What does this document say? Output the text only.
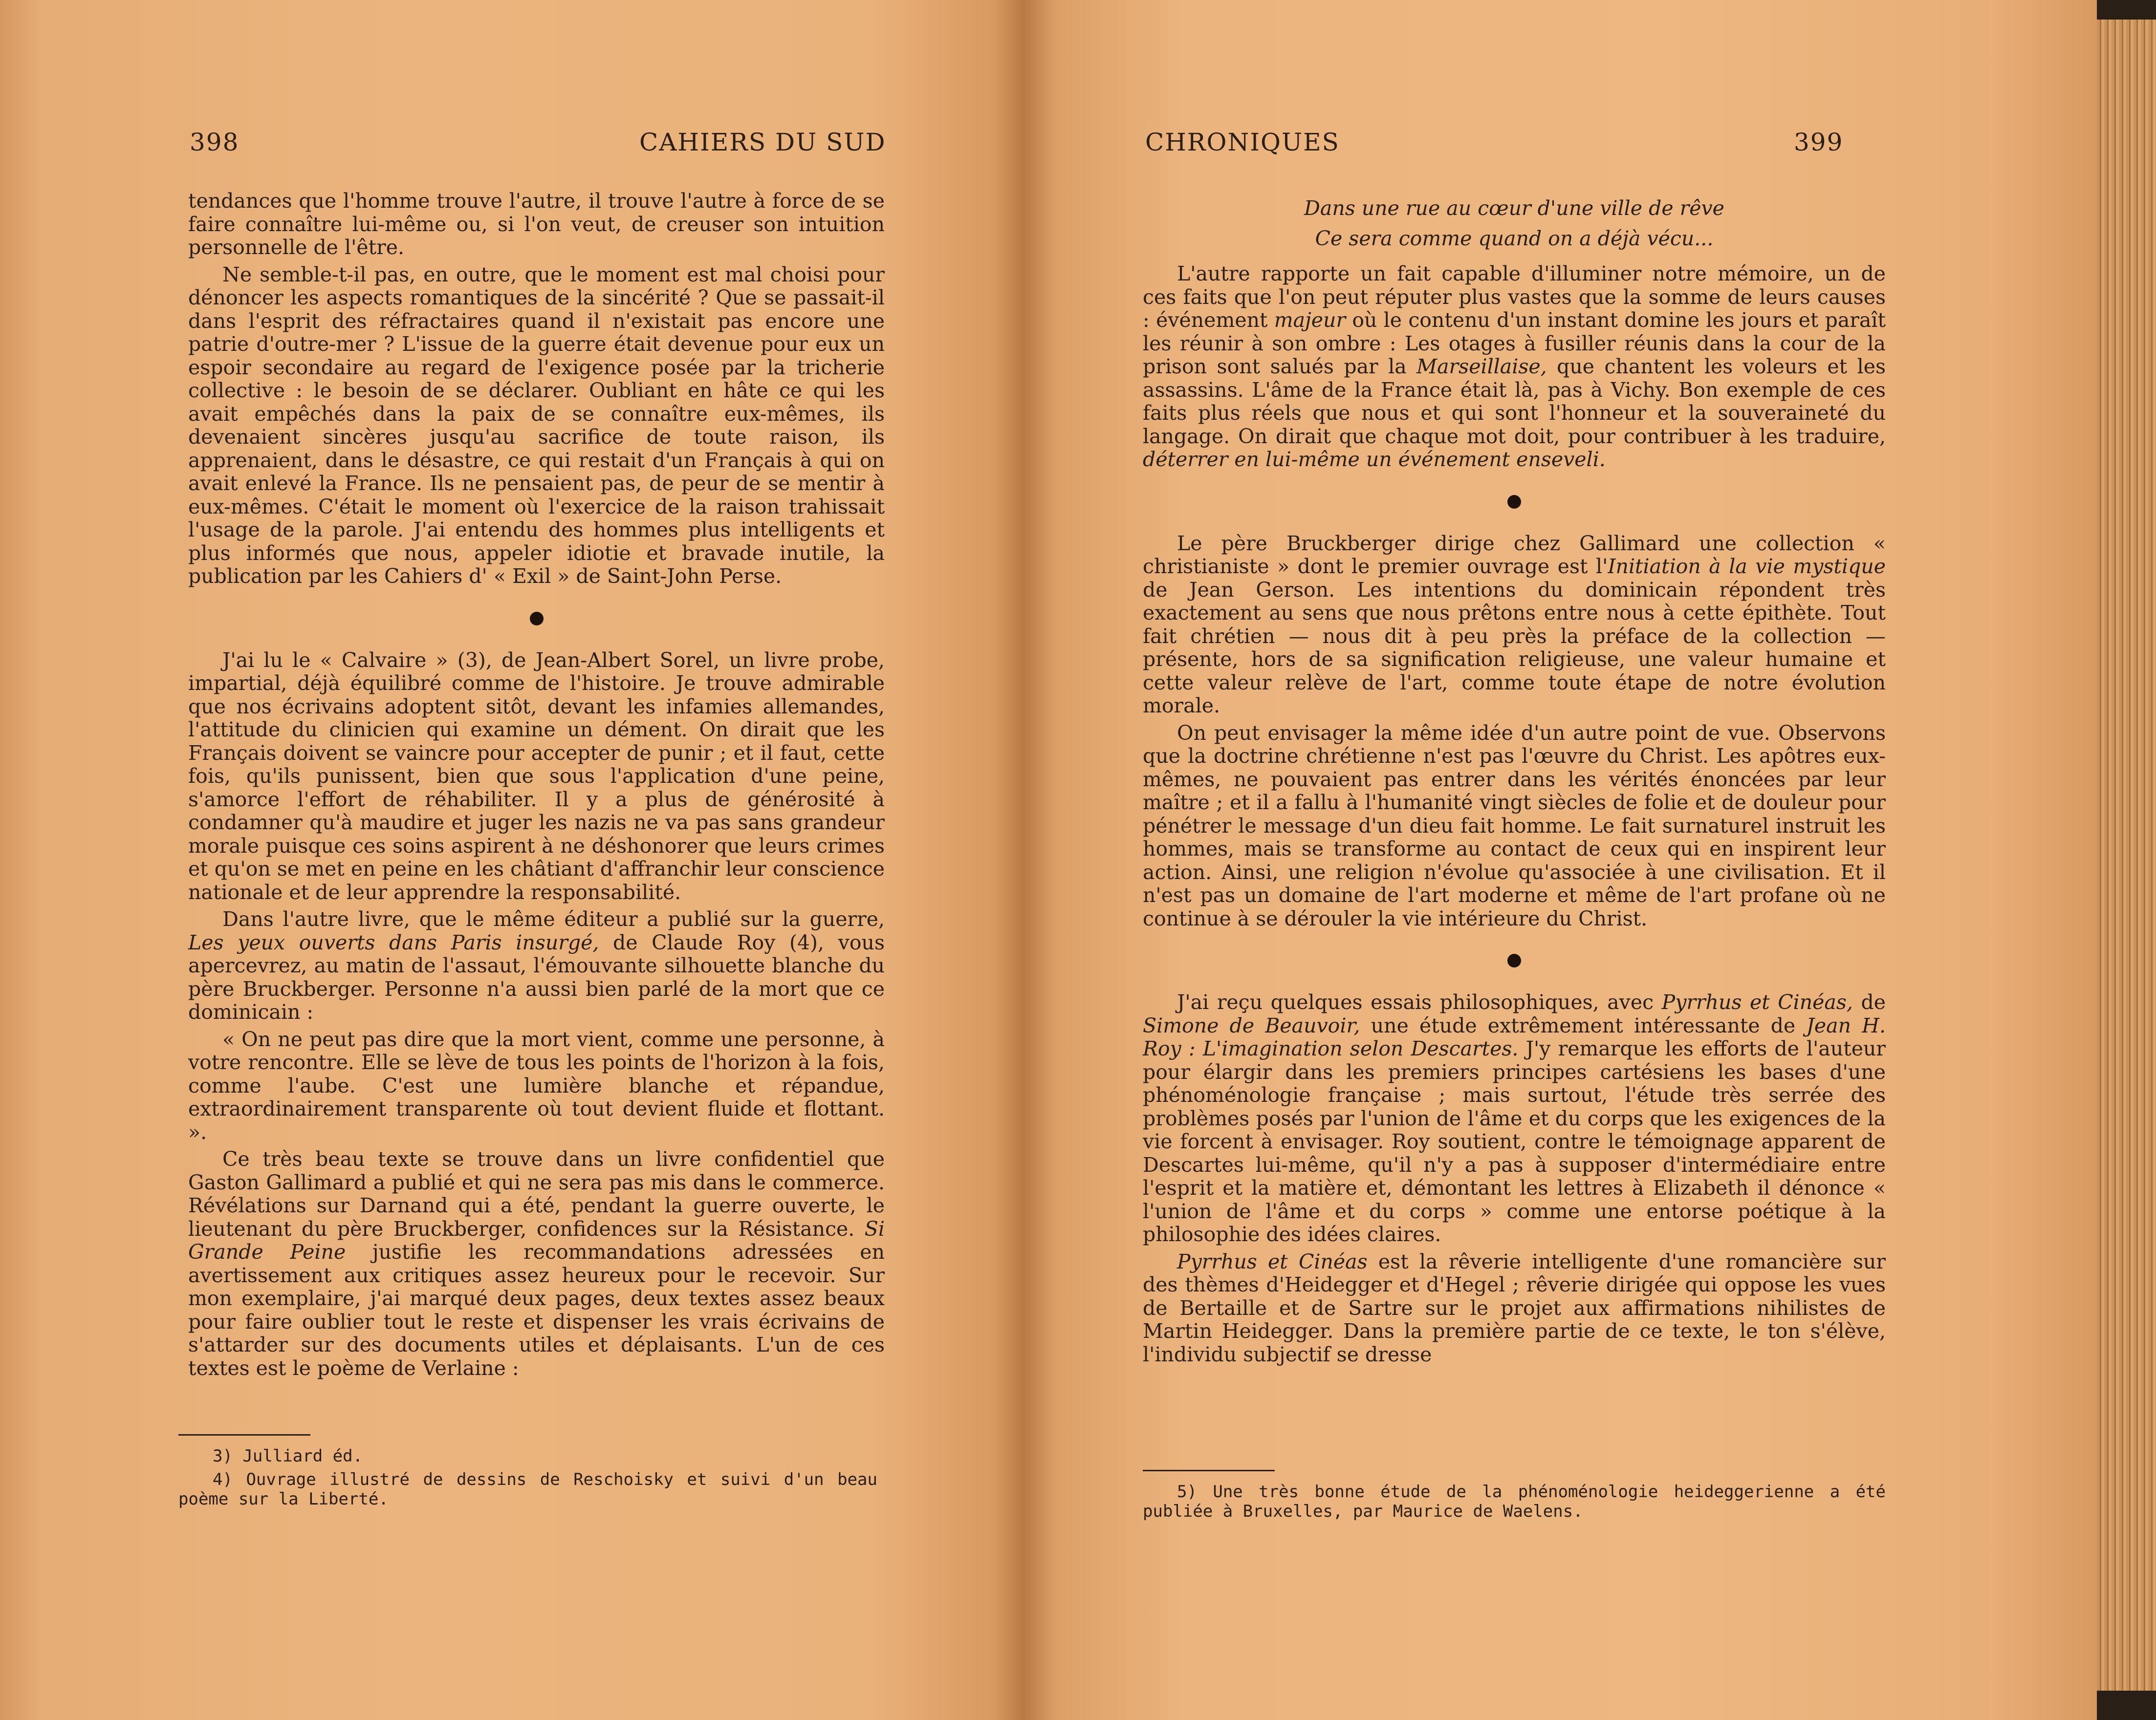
398	CAHIERS DU SUD

tendances que l'homme trouve l'autre, il trouve l'autre à force de se faire connaître lui-même ou, si l'on veut, de creuser son intuition personnelle de l'être.

Ne semble-t-il pas, en outre, que le moment est mal choisi pour dénoncer les aspects romantiques de la sincérité ? Que se passait-il dans l'esprit des réfractaires quand il n'existait pas encore une patrie d'outre-mer ? L'issue de la guerre était devenue pour eux un espoir secondaire au regard de l'exigence posée par la tricherie collective : le besoin de se déclarer. Oubliant en hâte ce qui les avait empêchés dans la paix de se connaître eux-mêmes, ils devenaient sincères jusqu'au sacrifice de toute raison, ils apprenaient, dans le désastre, ce qui restait d'un Français à qui on avait enlevé la France. Ils ne pensaient pas, de peur de se mentir à eux-mêmes. C'était le moment où l'exercice de la raison trahissait l'usage de la parole. J'ai entendu des hommes plus intelligents et plus informés que nous, appeler idiotie et bravade inutile, la publication par les Cahiers d' « Exil » de Saint-John Perse.

J'ai lu le « Calvaire » (3), de Jean-Albert Sorel, un livre probe, impartial, déjà équilibré comme de l'histoire. Je trouve admirable que nos écrivains adoptent sitôt, devant les infamies allemandes, l'attitude du clinicien qui examine un dément. On dirait que les Français doivent se vaincre pour accepter de punir ; et il faut, cette fois, qu'ils punissent, bien que sous l'application d'une peine, s'amorce l'effort de réhabiliter. Il y a plus de générosité à condamner qu'à maudire et juger les nazis ne va pas sans grandeur morale puisque ces soins aspirent à ne déshonorer que leurs crimes et qu'on se met en peine en les châtiant d'affranchir leur conscience nationale et de leur apprendre la responsabilité.

Dans l'autre livre, que le même éditeur a publié sur la guerre, Les yeux ouverts dans Paris insurgé, de Claude Roy (4), vous apercevrez, au matin de l'assaut, l'émouvante silhouette blanche du père Bruckberger. Personne n'a aussi bien parlé de la mort que ce dominicain :

« On ne peut pas dire que la mort vient, comme une personne, à votre rencontre. Elle se lève de tous les points de l'horizon à la fois, comme l'aube. C'est une lumière blanche et répandue, extraordinairement transparente où tout devient fluide et flottant. ».

Ce très beau texte se trouve dans un livre confidentiel que Gaston Gallimard a publié et qui ne sera pas mis dans le commerce. Révélations sur Darnand qui a été, pendant la guerre ouverte, le lieutenant du père Bruckberger, confidences sur la Résistance. Si Grande Peine justifie les recommandations adressées en avertissement aux critiques assez heureux pour le recevoir. Sur mon exemplaire, j'ai marqué deux pages, deux textes assez beaux pour faire oublier tout le reste et dispenser les vrais écrivains de s'attarder sur des documents utiles et déplaisants. L'un de ces textes est le poème de Verlaine :

3) Julliard éd.

4) Ouvrage illustré de dessins de Reschoisky et suivi d'un beau poème sur la Liberté.

CHRONIQUES	399
Dans une rue au cœur d'une ville de rêve
Ce sera comme quand on a déjà vécu...

L'autre rapporte un fait capable d'illuminer notre mémoire, un de ces faits que l'on peut réputer plus vastes que la somme de leurs causes : événement majeur où le contenu d'un instant domine les jours et paraît les réunir à son ombre : Les otages à fusiller réunis dans la cour de la prison sont salués par la Marseillaise, que chantent les voleurs et les assassins. L'âme de la France était là, pas à Vichy. Bon exemple de ces faits plus réels que nous et qui sont l'honneur et la souveraineté du langage. On dirait que chaque mot doit, pour contribuer à les traduire, déterrer en lui-même un événement enseveli.

Le père Bruckberger dirige chez Gallimard une collection « christianiste » dont le premier ouvrage est l'Initiation à la vie mystique de Jean Gerson. Les intentions du dominicain répondent très exactement au sens que nous prêtons entre nous à cette épithète. Tout fait chrétien — nous dit à peu près la préface de la collection — présente, hors de sa signification religieuse, une valeur humaine et cette valeur relève de l'art, comme toute étape de notre évolution morale.

On peut envisager la même idée d'un autre point de vue. Observons que la doctrine chrétienne n'est pas l'œuvre du Christ. Les apôtres eux-mêmes, ne pouvaient pas entrer dans les vérités énoncées par leur maître ; et il a fallu à l'humanité vingt siècles de folie et de douleur pour pénétrer le message d'un dieu fait homme. Le fait surnaturel instruit les hommes, mais se transforme au contact de ceux qui en inspirent leur action. Ainsi, une religion n'évolue qu'associée à une civilisation. Et il n'est pas un domaine de l'art moderne et même de l'art profane où ne continue à se dérouler la vie intérieure du Christ.

J'ai reçu quelques essais philosophiques, avec Pyrrhus et Cinéas, de Simone de Beauvoir, une étude extrêmement intéressante de Jean H. Roy : L'imagination selon Descartes. J'y remarque les efforts de l'auteur pour élargir dans les premiers principes cartésiens les bases d'une phénoménologie française ; mais surtout, l'étude très serrée des problèmes posés par l'union de l'âme et du corps que les exigences de la vie forcent à envisager. Roy soutient, contre le témoignage apparent de Descartes lui-même, qu'il n'y a pas à supposer d'intermédiaire entre l'esprit et la matière et, démontant les lettres à Elizabeth il dénonce « l'union de l'âme et du corps » comme une entorse poétique à la philosophie des idées claires.

Pyrrhus et Cinéas est la rêverie intelligente d'une romancière sur des thèmes d'Heidegger et d'Hegel ; rêverie dirigée qui oppose les vues de Bertaille et de Sartre sur le projet aux affirmations nihilistes de Martin Heidegger. Dans la première partie de ce texte, le ton s'élève, l'individu subjectif se dresse

5) Une très bonne étude de la phénoménologie heideggerienne a été publiée à Bruxelles, par Maurice de Waelens.
